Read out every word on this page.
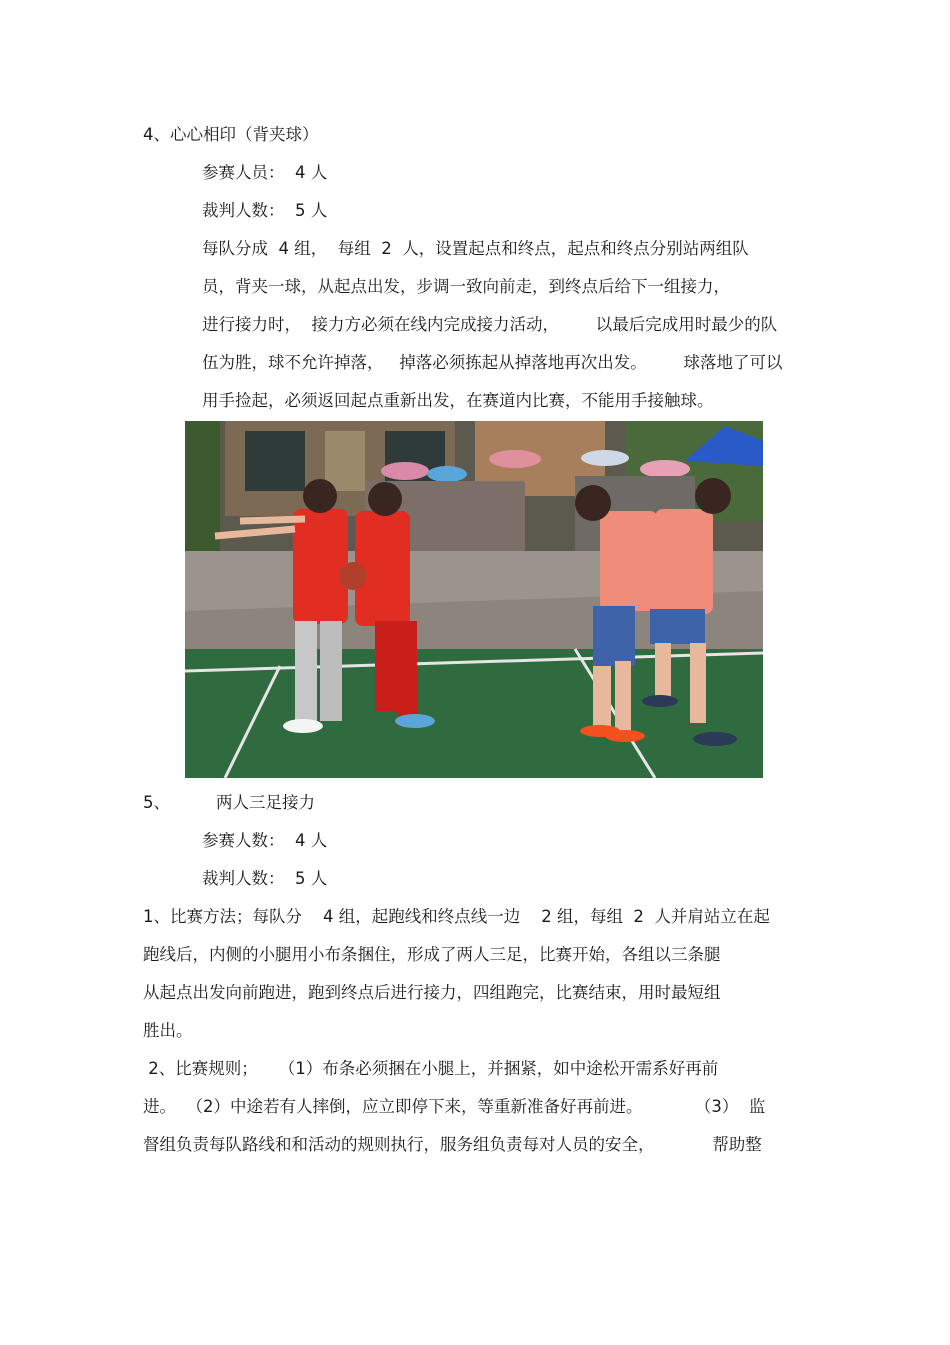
4、心心相印（背夹球）
参赛人员：  4 人
裁判人数：  5 人
每队分成  4 组，  每组  2  人，设置起点和终点，起点和终点分别站两组队
员，背夹一球，从起点出发，步调一致向前走，到终点后给下一组接力，
进行接力时，  接力方必须在线内完成接力活动，       以最后完成用时最少的队
伍为胜，球不允许掉落，   掉落必须拣起从掉落地再次出发。       球落地了可以
用手捡起，必须返回起点重新出发，在赛道内比赛，不能用手接触球。
5、	两人三足接力
参赛人数：  4 人
裁判人数：  5 人
1、比赛方法；每队分    4 组，起跑线和终点线一边    2 组，每组  2  人并肩站立在起
跑线后，内侧的小腿用小布条捆住，形成了两人三足，比赛开始，各组以三条腿
从起点出发向前跑进，跑到终点后进行接力，四组跑完，比赛结束，用时最短组
胜出。
2、比赛规则；    （1）布条必须捆在小腿上，并捆紧，如中途松开需系好再前
进。  （2）中途若有人摔倒，应立即停下来，等重新准备好再前进。          （3）  监
督组负责每队路线和和活动的规则执行，服务组负责每对人员的安全，           帮助整
